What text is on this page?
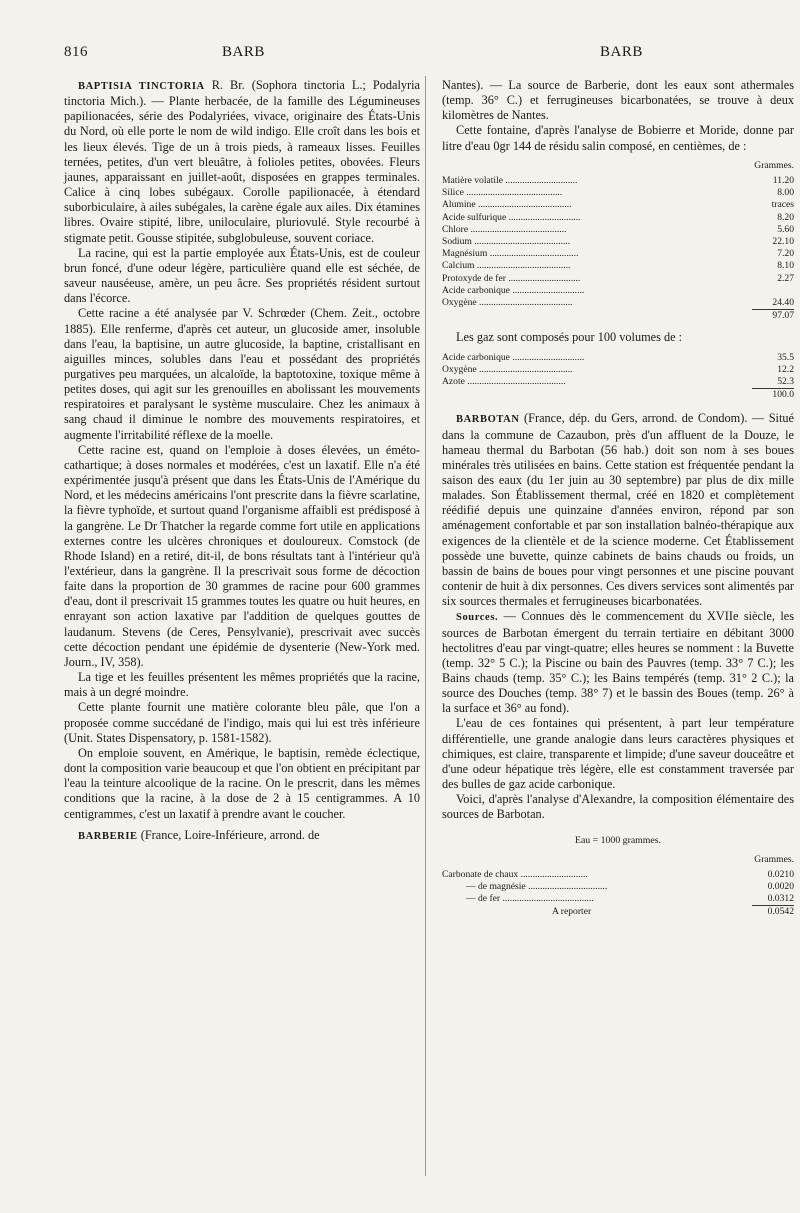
816	BARB	BARB

BAPTISIA TINCTORIA R. Br. (Sophora tinctoria L.; Podalyria tinctoria Mich.). — Plante herbacée, de la famille des Légumineuses papilionacées, série des Podalyriées, vivace, originaire des États-Unis du Nord, où elle porte le nom de wild indigo. Elle croît dans les bois et les lieux élevés. Tige de un à trois pieds, à rameaux lisses. Feuilles ternées, petites, d'un vert bleuâtre, à folioles petites, obovées. Fleurs jaunes, apparaissant en juillet-août, disposées en grappes terminales. Calice à cinq lobes subégaux. Corolle papilionacée, à étendard suborbiculaire, à ailes subégales, la carène égale aux ailes. Dix étamines libres. Ovaire stipité, libre, uniloculaire, pluriovulé. Style recourbé à stigmate petit. Gousse stipitée, subglobuleuse, souvent coriace.

La racine, qui est la partie employée aux États-Unis, est de couleur brun foncé, d'une odeur légère, particulière quand elle est séchée, de saveur nauséeuse, amère, un peu âcre. Ses propriétés résident surtout dans l'écorce.

Cette racine a été analysée par V. Schrœder (Chem. Zeit., octobre 1885). Elle renferme, d'après cet auteur, un glucoside amer, insoluble dans l'eau, la baptisine, un autre glucoside, la baptine, cristallisant en aiguilles minces, solubles dans l'eau et possédant des propriétés purgatives peu marquées, un alcaloïde, la baptotoxine, toxique même à petites doses, qui agit sur les grenouilles en abolissant les mouvements respiratoires et paralysant le système musculaire. Chez les animaux à sang chaud il diminue le nombre des mouvements respiratoires, et augmente l'irritabilité réflexe de la moelle.

Cette racine est, quand on l'emploie à doses élevées, un éméto-cathartique; à doses normales et modérées, c'est un laxatif. Elle n'a été expérimentée jusqu'à présent que dans les États-Unis de l'Amérique du Nord, et les médecins américains l'ont prescrite dans la fièvre scarlatine, la fièvre typhoïde, et surtout quand l'organisme affaibli est prédisposé à la gangrène. Le Dr Thatcher la regarde comme fort utile en applications externes contre les ulcères chroniques et douloureux. Comstock (de Rhode Island) en a retiré, dit-il, de bons résultats tant à l'intérieur qu'à l'extérieur, dans la gangrène. Il la prescrivait sous forme de décoction faite dans la proportion de 30 grammes de racine pour 600 grammes d'eau, dont il prescrivait 15 grammes toutes les quatre ou huit heures, en enrayant son action laxative par l'addition de quelques gouttes de laudanum. Stevens (de Ceres, Pensylvanie), prescrivait avec succès cette décoction pendant une épidémie de dysenterie (New-York med. Journ., IV, 358).

La tige et les feuilles présentent les mêmes propriétés que la racine, mais à un degré moindre.

Cette plante fournit une matière colorante bleu pâle, que l'on a proposée comme succédané de l'indigo, mais qui lui est très inférieure (Unit. States Dispensatory, p. 1581-1582).

On emploie souvent, en Amérique, le baptisin, remède éclectique, dont la composition varie beaucoup et que l'on obtient en précipitant par l'eau la teinture alcoolique de la racine. On le prescrit, dans les mêmes conditions que la racine, à la dose de 2 à 15 centigrammes. A 10 centigrammes, c'est un laxatif à prendre avant le coucher.

BARBERIE (France, Loire-Inférieure, arrond. de

Nantes). — La source de Barberie, dont les eaux sont athermales (temp. 36° C.) et ferrugineuses bicarbonatées, se trouve à deux kilomètres de Nantes.

Cette fontaine, d'après l'analyse de Bobierre et Moride, donne par litre d'eau 0gr 144 de résidu salin composé, en centièmes, de :

Grammes.
Matière volatile ..............................	11.20
Silice ........................................	8.00
Alumine .......................................	traces
Acide sulfurique ..............................	8.20
Chlore ........................................	5.60
Sodium ........................................	22.10
Magnésium .....................................	7.20
Calcium .......................................	8.10
Protoxyde de fer ..............................	2.27
Acide carbonique ..............................	
Oxygène .......................................	24.40
	97.07

Les gaz sont composés pour 100 volumes de :

Acide carbonique ..............................	35.5
Oxygène .......................................	12.2
Azote .........................................	52.3
	100.0

BARBOTAN (France, dép. du Gers, arrond. de Condom). — Situé dans la commune de Cazaubon, près d'un affluent de la Douze, le hameau thermal du Barbotan (56 hab.) doit son nom à ses boues minérales très utilisées en bains. Cette station est fréquentée pendant la saison des eaux (du 1er juin au 30 septembre) par plus de dix mille malades. Son Établissement thermal, créé en 1820 et complètement réédifié depuis une quinzaine d'années environ, répond par son aménagement confortable et par son installation balnéo-thérapique aux exigences de la clientèle et de la science moderne. Cet Établissement possède une buvette, quinze cabinets de bains chauds ou froids, un bassin de bains de boues pour vingt personnes et une piscine pouvant contenir de huit à dix personnes. Ces divers services sont alimentés par six sources thermales et ferrugineuses bicarbonatées.

Sources. — Connues dès le commencement du XVIIe siècle, les sources de Barbotan émergent du terrain tertiaire en débitant 3000 hectolitres d'eau par vingt-quatre; elles heures se nomment : la Buvette (temp. 32° 5 C.); la Piscine ou bain des Pauvres (temp. 33° 7 C.); les Bains chauds (temp. 35° C.); les Bains tempérés (temp. 31° 2 C.); la source des Douches (temp. 38° 7) et le bassin des Boues (temp. 26° à la surface et 36° au fond).

L'eau de ces fontaines qui présentent, à part leur température différentielle, une grande analogie dans leurs caractères physiques et chimiques, est claire, transparente et limpide; d'une saveur douceâtre et d'une odeur hépatique très légère, elle est constamment traversée par des bulles de gaz acide carbonique.

Voici, d'après l'analyse d'Alexandre, la composition élémentaire des sources de Barbotan.

Eau = 1000 grammes.
Grammes.
Carbonate de chaux ............................	0.0210
— de magnésie .................................	0.0020
— de fer ......................................	0.0312
A reporter	0.0542
